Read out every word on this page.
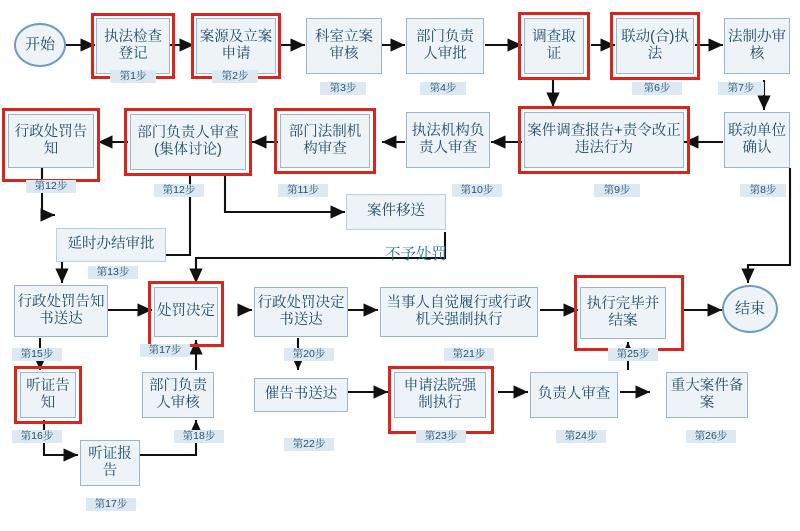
开始
结束
执法检查登记
第1步
案源及立案申请
第2步
科室立案审核
第3步
部门负责人审批
第4步
调查取证
联动(合)执法
第6步
法制办审核
第7步
联动单位确认
第8步
案件调查报告+责令改正违法行为
第9步
执法机构负责人审查
第10步
部门法制机构审查
第11步
部门负责人审查(集体讨论)
第12步
行政处罚告知
第12步
延时办结审批
第13步
案件移送
不予处罚
行政处罚告知书送达
第15步
处罚决定
第17步
行政处罚决定书送达
第20步
当事人自觉履行或行政机关强制执行
第21步
执行完毕并结案
第25步
听证告知
第16步
部门负责人审核
第18步
催告书送达
第22步
申请法院强制执行
第23步
负责人审查
第24步
重大案件备案
第26步
听证报告
第17步
